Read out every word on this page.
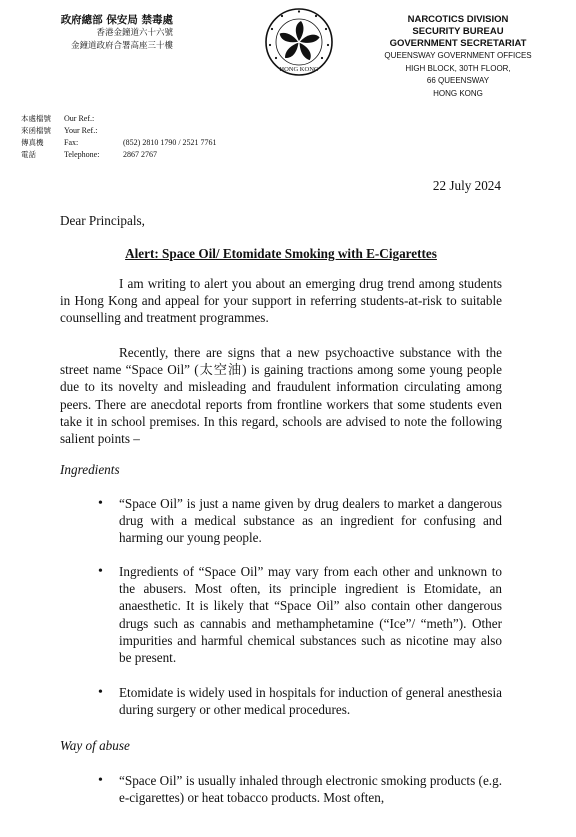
政府總部 保安局 禁毒處
香港金鐘道六十六號
金鐘道政府合署高座三十樓
HONG KONG
NARCOTICS DIVISION
SECURITY BUREAU
GOVERNMENT SECRETARIAT
QUEENSWAY GOVERNMENT OFFICES
HIGH BLOCK, 30TH FLOOR,
66 QUEENSWAY
HONG KONG
本處檔號	Our Ref.:
來函檔號	Your Ref.:
傳真機	Fax:	(852) 2810 1790 / 2521 7761
電話	Telephone:	2867 2767
22 July 2024
Dear Principals,
Alert: Space Oil/ Etomidate Smoking with E-Cigarettes
I am writing to alert you about an emerging drug trend among students in Hong Kong and appeal for your support in referring students-at-risk to suitable counselling and treatment programmes.
Recently, there are signs that a new psychoactive substance with the street name “Space Oil” (太空油) is gaining tractions among some young people due to its novelty and misleading and fraudulent information circulating among peers. There are anecdotal reports from frontline workers that some students even take it in school premises. In this regard, schools are advised to note the following salient points –
Ingredients
• “Space Oil” is just a name given by drug dealers to market a dangerous drug with a medical substance as an ingredient for confusing and harming our young people.
• Ingredients of “Space Oil” may vary from each other and unknown to the abusers. Most often, its principle ingredient is Etomidate, an anaesthetic. It is likely that “Space Oil” also contain other dangerous drugs such as cannabis and methamphetamine (“Ice”/ “meth”). Other impurities and harmful chemical substances such as nicotine may also be present.
• Etomidate is widely used in hospitals for induction of general anesthesia during surgery or other medical procedures.
Way of abuse
• “Space Oil” is usually inhaled through electronic smoking products (e.g. e-cigarettes) or heat tobacco products. Most often,
